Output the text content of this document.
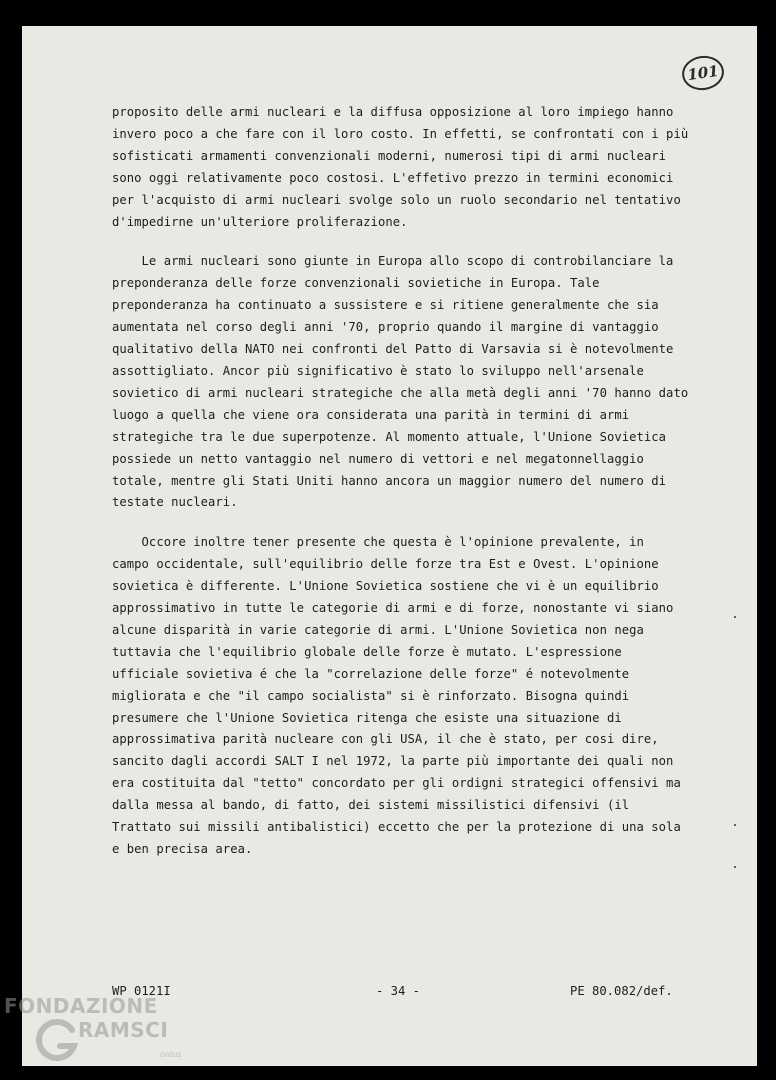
101

proposito delle armi nucleari e la diffusa opposizione al loro impiego hanno

invero poco a che fare con il loro costo. In effetti, se confrontati con i più

sofisticati armamenti convenzionali moderni, numerosi tipi di armi nucleari

sono oggi relativamente poco costosi. L'effetivo prezzo in termini economici

per l'acquisto di armi nucleari svolge solo un ruolo secondario nel tentativo

d'impedirne un'ulteriore proliferazione.

Le armi nucleari sono giunte in Europa allo scopo di controbilanciare la

preponderanza delle forze convenzionali sovietiche in Europa. Tale

preponderanza ha continuato a sussistere e si ritiene generalmente che sia

aumentata nel corso degli anni '70, proprio quando il margine di vantaggio

qualitativo della NATO nei confronti del Patto di Varsavia si è notevolmente

assottigliato. Ancor più significativo è stato lo sviluppo nell'arsenale

sovietico di armi nucleari strategiche che alla metà degli anni '70 hanno dato

luogo a quella che viene ora considerata una parità in termini di armi

strategiche tra le due superpotenze. Al momento attuale, l'Unione Sovietica

possiede un netto vantaggio nel numero di vettori e nel megatonnellaggio

totale, mentre gli Stati Uniti hanno ancora un maggior numero del numero di

testate nucleari.

Occore inoltre tener presente che questa è l'opinione prevalente, in

campo occidentale, sull'equilibrio delle forze tra Est e Ovest. L'opinione

sovietica è differente. L'Unione Sovietica sostiene che vi è un equilibrio

approssimativo in tutte le categorie di armi e di forze, nonostante vi siano

alcune disparità in varie categorie di armi. L'Unione Sovietica non nega

tuttavia che l'equilibrio globale delle forze è mutato. L'espressione

ufficiale sovietiva é che la "correlazione delle forze" é notevolmente

migliorata e che "il campo socialista" si è rinforzato. Bisogna quindi

presumere che l'Unione Sovietica ritenga che esiste una situazione di

approssimativa parità nucleare con gli USA, il che è stato, per cosi dire,

sancito dagli accordi SALT I nel 1972, la parte più importante dei quali non

era costituita dal "tetto" concordato per gli ordigni strategici offensivi ma

dalla messa al bando, di fatto, dei sistemi missilistici difensivi (il

Trattato sui missili antibalistici) eccetto che per la protezione di una sola

e ben precisa area.

WP 0121I	- 34 -	PE 80.082/def.
FONDAZIONE
RAMSCI
onlus
